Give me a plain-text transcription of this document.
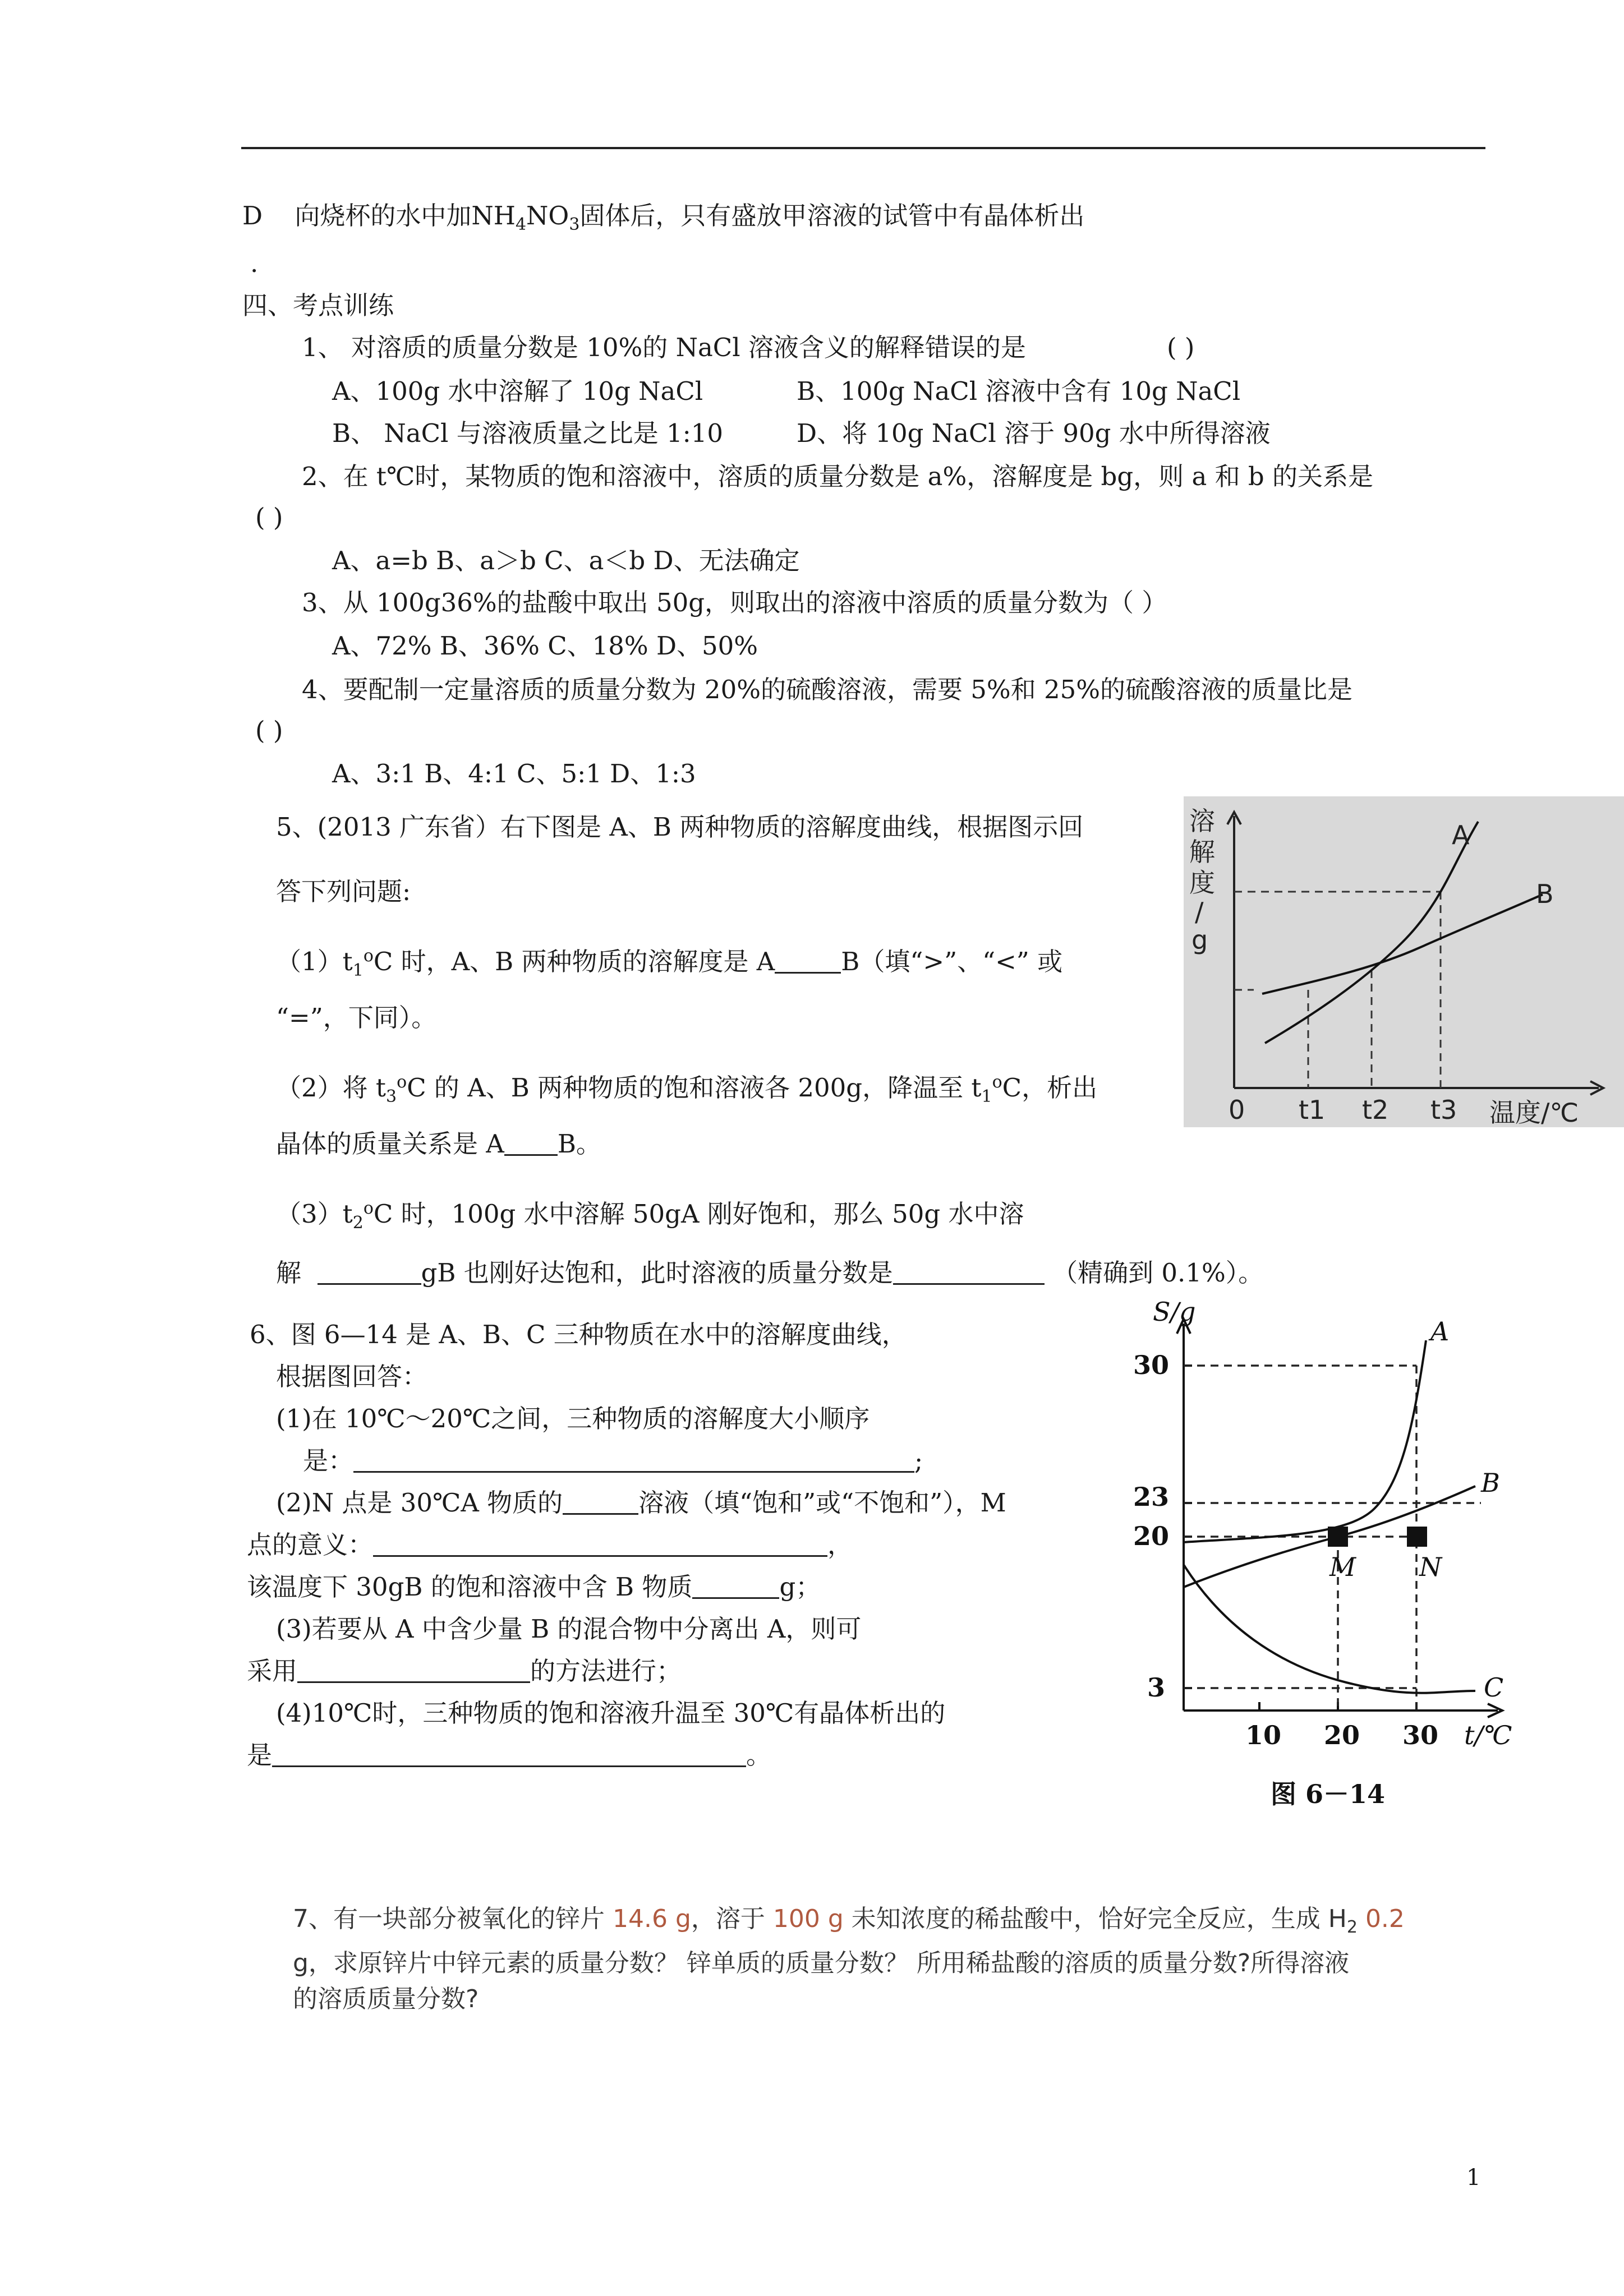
D 向烧杯的水中加$NH_4NO_3$固体后，只有盛放甲溶液的试管中有晶体析出
.
四、考点训练
1、 对溶质的质量分数是 10%的 NaCl 溶液含义的解释错误的是	( )
A、100g 水中溶解了 10g NaCl	B、100g NaCl 溶液中含有 10g NaCl
B、 NaCl 与溶液质量之比是 1:10	D、将 10g NaCl 溶于 90g 水中所得溶液
2、在 t℃时，某物质的饱和溶液中，溶质的质量分数是 a%，溶解度是 bg，则 a 和 b 的关系是
( )
A、a=b B、a＞b C、a＜b D、无法确定
3、从 100g36%的盐酸中取出 50g，则取出的溶液中溶质的质量分数为（ ）
A、72% B、36% C、18% D、50%
4、要配制一定量溶质的质量分数为 20%的硫酸溶液，需要 5%和 25%的硫酸溶液的质量比是
( )
A、3:1 B、4:1 C、5:1 D、1:3
5、(2013 广东省）右下图是 A、B 两种物质的溶解度曲线，根据图示回
答下列问题:
$(1)t_1^oC$ 时，A、B 两种物质的溶解度是 A	B（填“>”、“<” 或
“=”，下同）。
（2）将 $t_3^oC$ 的 A、B 两种物质的饱和溶液各 200g，降温至 $t_1^oC$，析出
晶体的质量关系是 A B。
$(3)t_2^oC$ 时，100g 水中溶解 50gA 刚好饱和，那么 50g 水中溶
解	gB 也刚好达饱和，此时溶液的质量分数是	（精确到 0.1%）。
溶
解
度
/
g
A
B
0 t1 t2 t3 温度/℃
6、图 6—14 是 A、B、C 三种物质在水中的溶解度曲线，
根据图回答：
(1)在 10℃～20℃之间，三种物质的溶解度大小顺序
是：	;
(2)N 点是 30℃A 物质的	溶液（填“饱和”或“不饱和”），M
点的意义：	，
该温度下 30gB 的饱和溶液中含 B 物质	g；
(3)若要从 A 中含少量 B 的混合物中分离出 A，则可
采用	的方法进行；
(4)10℃时，三种物质的饱和溶液升温至 30℃有晶体析出的
是	。
S/g
30
23
20
3
10 20 30 t/℃
A
B
C
M N
图 6－14
7、有一块部分被氧化的锌片 14.6 g，溶于 100 g 未知浓度的稀盐酸中，恰好完全反应，生成 $H_2$ 0.2
g，求原锌片中锌元素的质量分数？ 锌单质的质量分数？ 所用稀盐酸的溶质的质量分数?所得溶液
的溶质质量分数?
1
